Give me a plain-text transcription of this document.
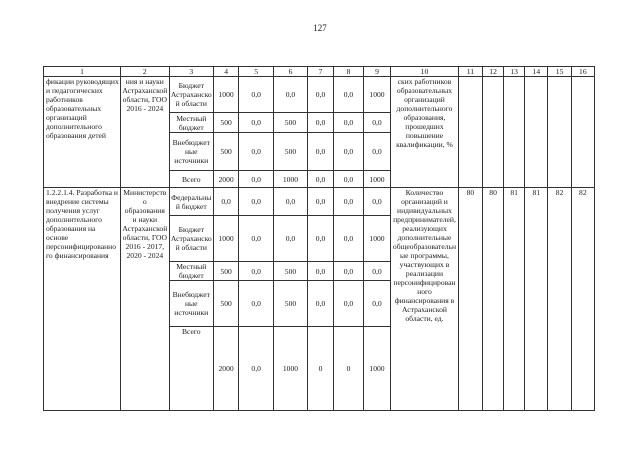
127
1	2	3	4	5	6	7	8	9	10	11	12	13	14	15	16
фикации руководящих и педагогических работников образовательных организаций дополнительного образования детей	ния и науки Астраханской области, ГОО 2016 - 2024	Бюджет Астраханской области	1000	0,0	0,0	0,0	0,0	1000	ских работников образовательных организаций дополнительного образования, прошедших повышение квалификации, %						
		Местный бюджет	500	0,0	500	0,0	0,0	0,0							
		Внебюджетные источники	500	0,0	500	0,0	0,0	0,0							
		Всего	2000	0,0	1000	0,0	0,0	1000							
1.2.2.1.4. Разработка и внедрение системы получения услуг дополнительного образования на основе персонифицированного финансирования	Министерство образования и науки Астраханской области, ГОО 2016 - 2017, 2020 - 2024	Федеральный бюджет	0,0	0,0	0,0	0,0	0,0	0,0	Количество организаций и индивидуальных предпринимателей, реализующих дополнительные общеобразовательные программы, участвующих в реализации персонифицированного финансирования в Астраханской области, ед.	80	80	81	81	82	82
		Бюджет Астраханской области	1000	0,0	0,0	0,0	0,0	1000							
		Местный бюджет	500	0,0	500	0,0	0,0	0,0							
		Внебюджетные источники	500	0,0	500	0,0	0,0	0,0							
		Всего	2000	0,0	1000	0	0	1000							
